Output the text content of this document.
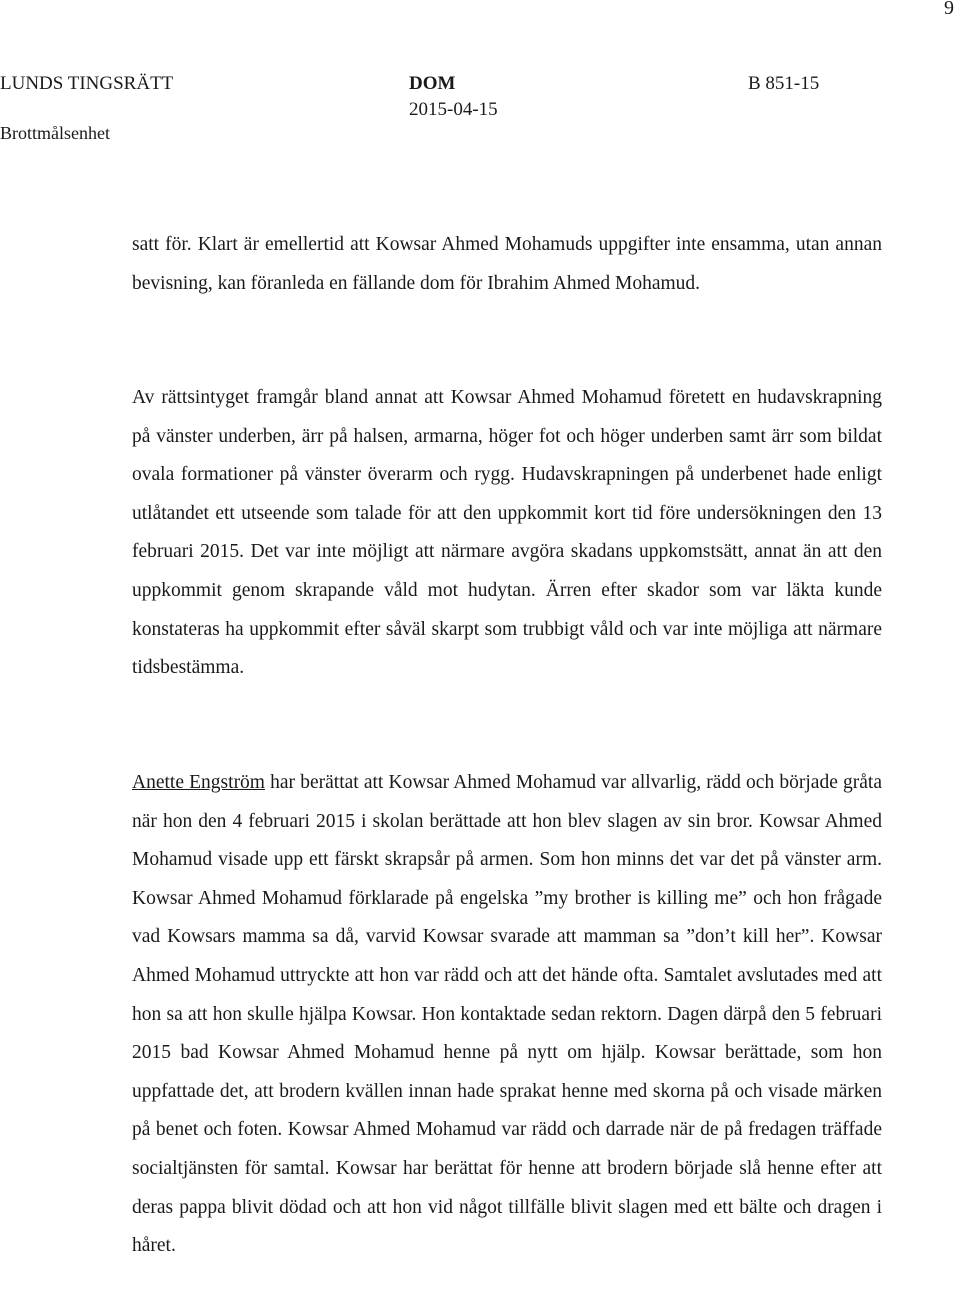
9
LUNDS TINGSRÄTT
Brottmålsenhet
DOM
2015-04-15
B 851-15

satt för. Klart är emellertid att Kowsar Ahmed Mohamuds uppgifter inte ensamma, utan annan bevisning, kan föranleda en fällande dom för Ibrahim Ahmed Mohamud.

Av rättsintyget framgår bland annat att Kowsar Ahmed Mohamud företett en hudavskrapning på vänster underben, ärr på halsen, armarna, höger fot och höger underben samt ärr som bildat ovala formationer på vänster överarm och rygg. Hudavskrapningen på underbenet hade enligt utlåtandet ett utseende som talade för att den uppkommit kort tid före undersökningen den 13 februari 2015. Det var inte möjligt att närmare avgöra skadans uppkomstsätt, annat än att den uppkommit genom skrapande våld mot hudytan. Ärren efter skador som var läkta kunde konstateras ha uppkommit efter såväl skarpt som trubbigt våld och var inte möjliga att närmare tidsbestämma.

Anette Engström har berättat att Kowsar Ahmed Mohamud var allvarlig, rädd och började gråta när hon den 4 februari 2015 i skolan berättade att hon blev slagen av sin bror. Kowsar Ahmed Mohamud visade upp ett färskt skrapsår på armen. Som hon minns det var det på vänster arm. Kowsar Ahmed Mohamud förklarade på engelska ”my brother is killing me” och hon frågade vad Kowsars mamma sa då, varvid Kowsar svarade att mamman sa ”don’t kill her”. Kowsar Ahmed Mohamud uttryckte att hon var rädd och att det hände ofta. Samtalet avslutades med att hon sa att hon skulle hjälpa Kowsar. Hon kontaktade sedan rektorn. Dagen därpå den 5 februari 2015 bad Kowsar Ahmed Mohamud henne på nytt om hjälp. Kowsar berättade, som hon uppfattade det, att brodern kvällen innan hade sprakat henne med skorna på och visade märken på benet och foten. Kowsar Ahmed Mohamud var rädd och darrade när de på fredagen träffade socialtjänsten för samtal. Kowsar har berättat för henne att brodern började slå henne efter att deras pappa blivit dödad och att hon vid något tillfälle blivit slagen med ett bälte och dragen i håret.
